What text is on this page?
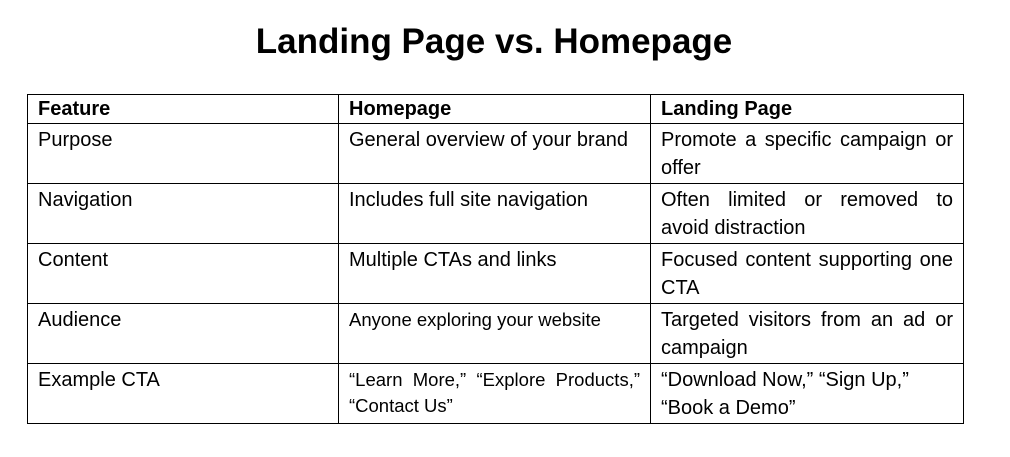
Landing Page vs. Homepage
Feature	Homepage	Landing Page
Purpose	General overview of your brand	Promote a specific campaign or offer
Navigation	Includes full site navigation	Often limited or removed to avoid distraction
Content	Multiple CTAs and links	Focused content supporting one CTA
Audience	Anyone exploring your website	Targeted visitors from an ad or campaign
Example CTA	“Learn More,” “Explore Products,” “Contact Us”	“Download Now,” “Sign Up,” “Book a Demo”
